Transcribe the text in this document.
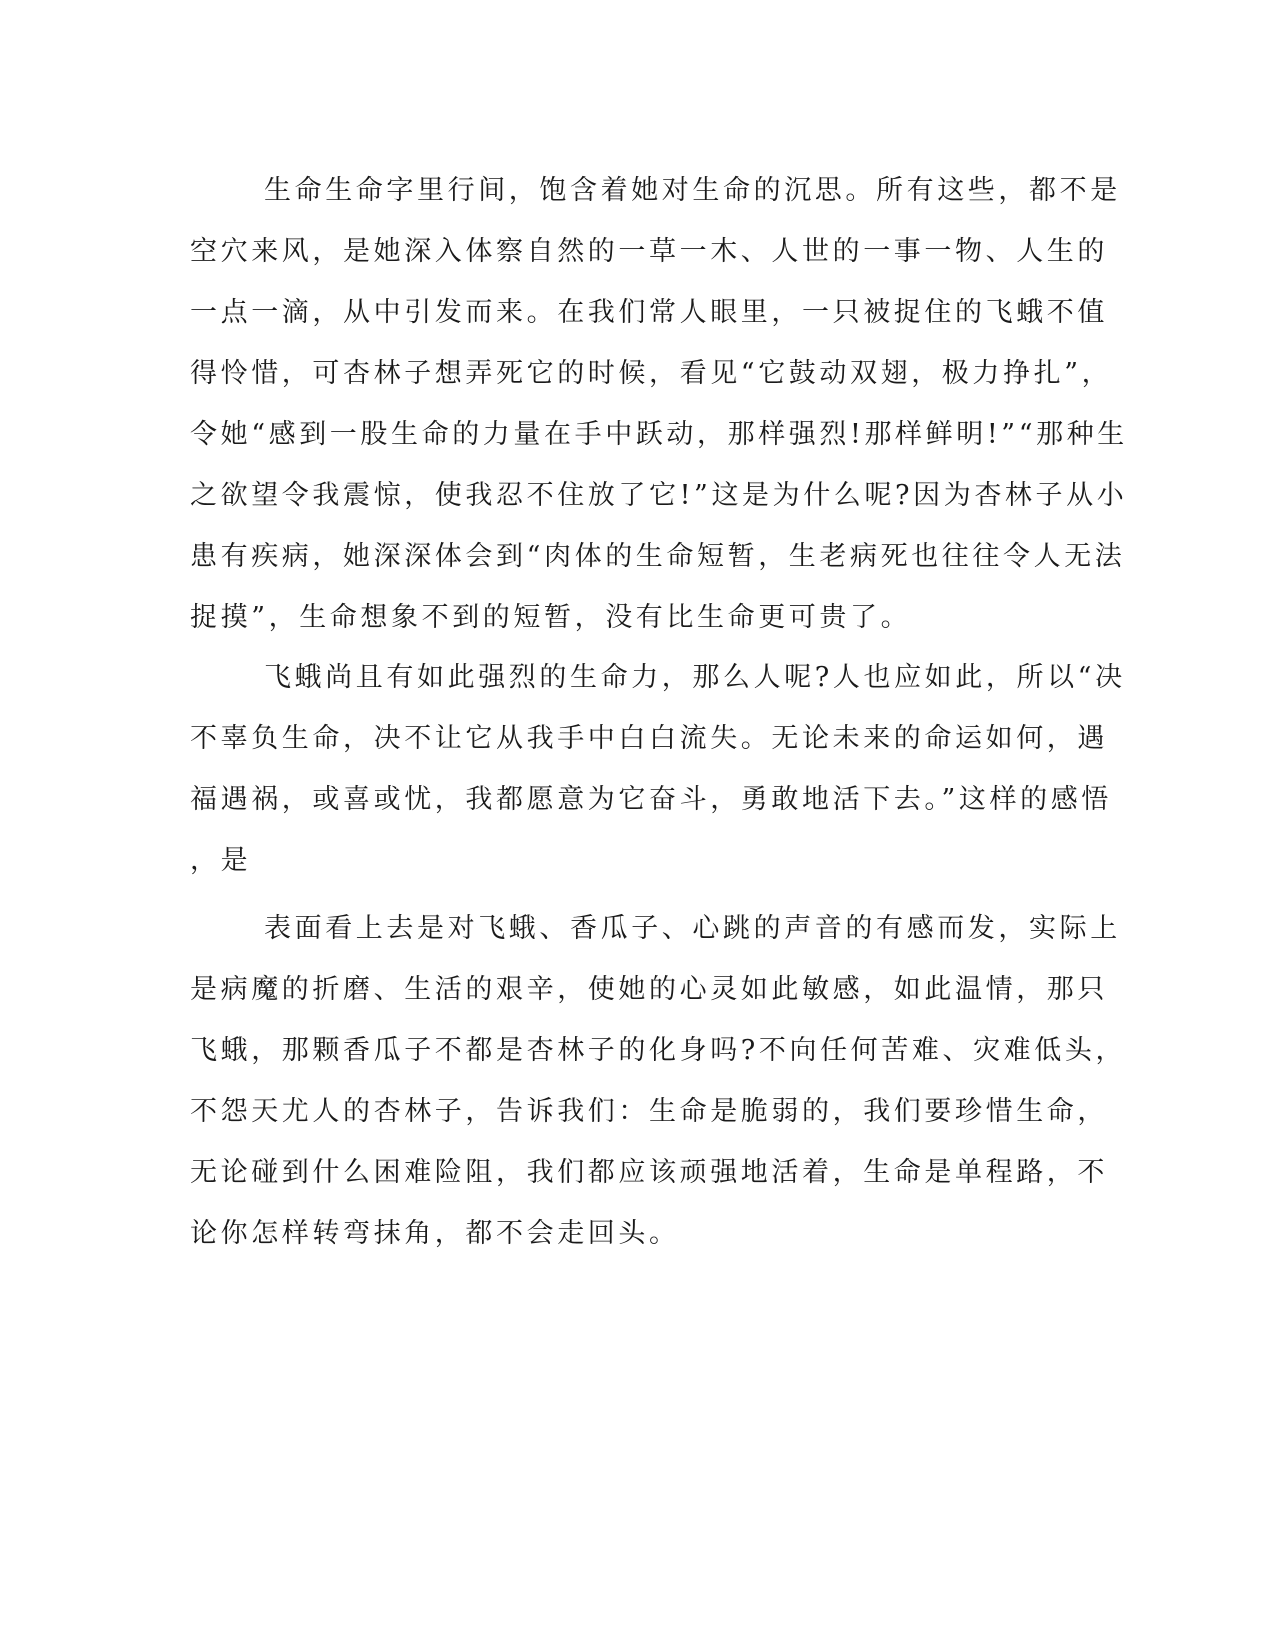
生命生命字里行间，饱含着她对生命的沉思。所有这些，都不是
空穴来风，是她深入体察自然的一草一木、人世的一事一物、人生的
一点一滴，从中引发而来。在我们常人眼里，一只被捉住的飞蛾不值
得怜惜，可杏林子想弄死它的时候，看见“它鼓动双翅，极力挣扎”，
令她“感到一股生命的力量在手中跃动，那样强烈!那样鲜明!”“那种生
之欲望令我震惊，使我忍不住放了它!”这是为什么呢?因为杏林子从小
患有疾病，她深深体会到“肉体的生命短暂，生老病死也往往令人无法
捉摸”，生命想象不到的短暂，没有比生命更可贵了。
飞蛾尚且有如此强烈的生命力，那么人呢?人也应如此，所以“决
不辜负生命，决不让它从我手中白白流失。无论未来的命运如何，遇
福遇祸，或喜或忧，我都愿意为它奋斗，勇敢地活下去。”这样的感悟
，是
表面看上去是对飞蛾、香瓜子、心跳的声音的有感而发，实际上
是病魔的折磨、生活的艰辛，使她的心灵如此敏感，如此温情，那只
飞蛾，那颗香瓜子不都是杏林子的化身吗?不向任何苦难、灾难低头，
不怨天尤人的杏林子，告诉我们：生命是脆弱的，我们要珍惜生命，
无论碰到什么困难险阻，我们都应该顽强地活着，生命是单程路，不
论你怎样转弯抹角，都不会走回头。
